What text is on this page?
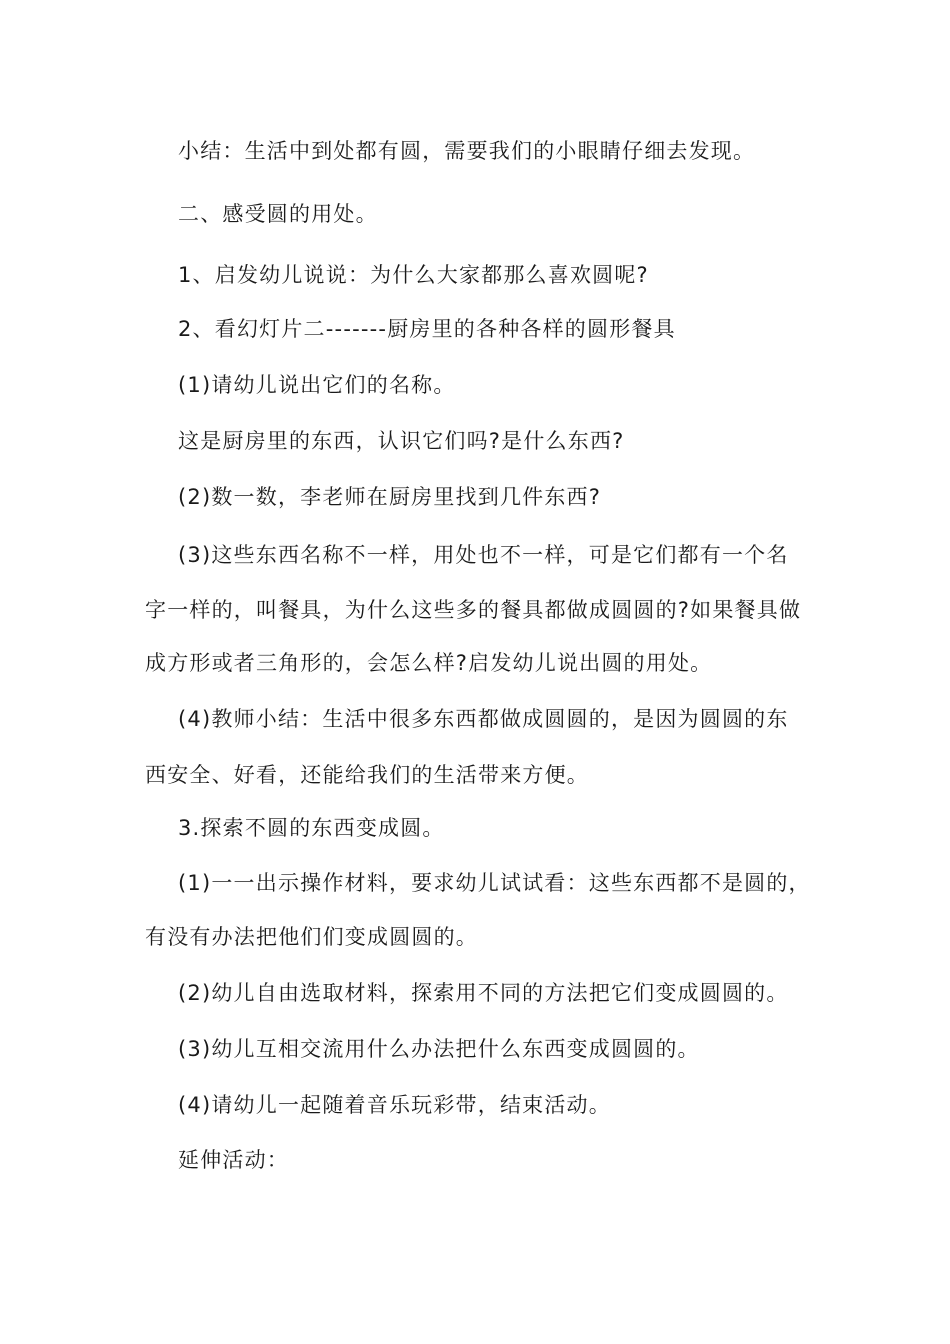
小结：生活中到处都有圆，需要我们的小眼睛仔细去发现。
二、感受圆的用处。
1、启发幼儿说说：为什么大家都那么喜欢圆呢?
2、看幻灯片二-------厨房里的各种各样的圆形餐具
(1)请幼儿说出它们的名称。
这是厨房里的东西，认识它们吗?是什么东西?
(2)数一数，李老师在厨房里找到几件东西?
(3)这些东西名称不一样，用处也不一样，可是它们都有一个名
字一样的，叫餐具，为什么这些多的餐具都做成圆圆的?如果餐具做
成方形或者三角形的，会怎么样?启发幼儿说出圆的用处。
(4)教师小结：生活中很多东西都做成圆圆的，是因为圆圆的东
西安全、好看，还能给我们的生活带来方便。
3.探索不圆的东西变成圆。
(1)一一出示操作材料，要求幼儿试试看：这些东西都不是圆的，
有没有办法把他们们变成圆圆的。
(2)幼儿自由选取材料，探索用不同的方法把它们变成圆圆的。
(3)幼儿互相交流用什么办法把什么东西变成圆圆的。
(4)请幼儿一起随着音乐玩彩带，结束活动。
延伸活动：
